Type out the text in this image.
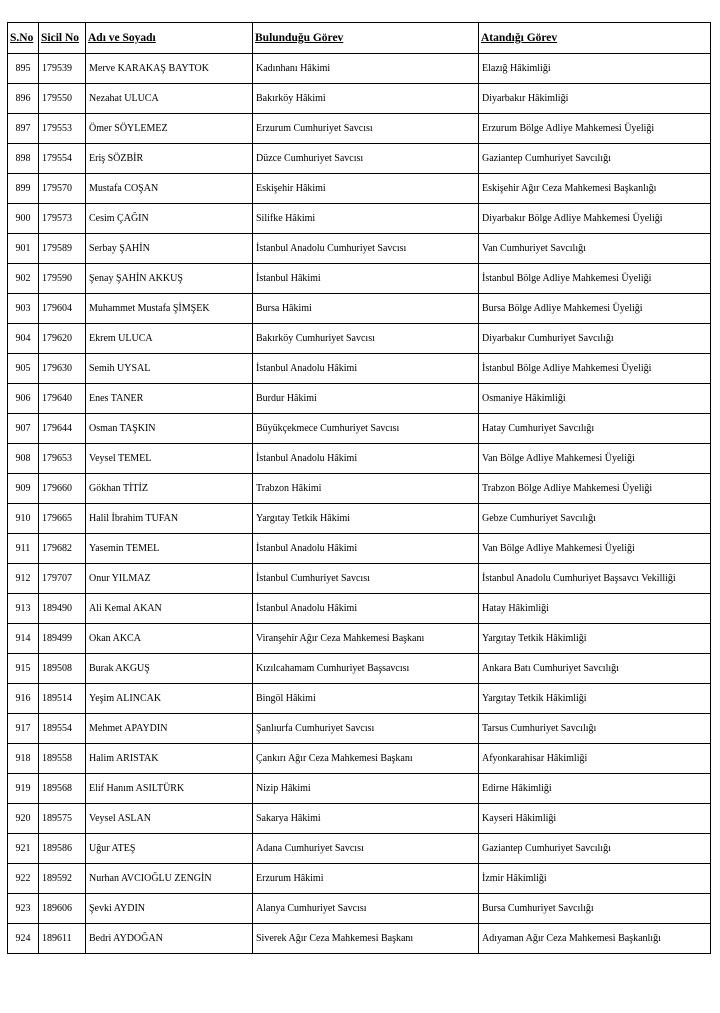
S.No	Sicil No	Adı ve Soyadı	Bulunduğu Görev	Atandığı Görev
895	179539	Merve KARAKAŞ BAYTOK	Kadınhanı Hâkimi	Elazığ Hâkimliği
896	179550	Nezahat ULUCA	Bakırköy Hâkimi	Diyarbakır Hâkimliği
897	179553	Ömer SÖYLEMEZ	Erzurum Cumhuriyet Savcısı	Erzurum Bölge Adliye Mahkemesi Üyeliği
898	179554	Eriş SÖZBİR	Düzce Cumhuriyet Savcısı	Gaziantep Cumhuriyet Savcılığı
899	179570	Mustafa COŞAN	Eskişehir Hâkimi	Eskişehir Ağır Ceza Mahkemesi Başkanlığı
900	179573	Cesim ÇAĞIN	Silifke Hâkimi	Diyarbakır Bölge Adliye Mahkemesi Üyeliği
901	179589	Serbay ŞAHİN	İstanbul Anadolu Cumhuriyet Savcısı	Van Cumhuriyet Savcılığı
902	179590	Şenay ŞAHİN AKKUŞ	İstanbul Hâkimi	İstanbul Bölge Adliye Mahkemesi Üyeliği
903	179604	Muhammet Mustafa ŞİMŞEK	Bursa Hâkimi	Bursa Bölge Adliye Mahkemesi Üyeliği
904	179620	Ekrem ULUCA	Bakırköy Cumhuriyet Savcısı	Diyarbakır Cumhuriyet Savcılığı
905	179630	Semih UYSAL	İstanbul Anadolu Hâkimi	İstanbul Bölge Adliye Mahkemesi Üyeliği
906	179640	Enes TANER	Burdur Hâkimi	Osmaniye Hâkimliği
907	179644	Osman TAŞKIN	Büyükçekmece Cumhuriyet Savcısı	Hatay Cumhuriyet Savcılığı
908	179653	Veysel TEMEL	İstanbul Anadolu Hâkimi	Van Bölge Adliye Mahkemesi Üyeliği
909	179660	Gökhan TİTİZ	Trabzon Hâkimi	Trabzon Bölge Adliye Mahkemesi Üyeliği
910	179665	Halil İbrahim TUFAN	Yargıtay Tetkik Hâkimi	Gebze Cumhuriyet Savcılığı
911	179682	Yasemin TEMEL	İstanbul Anadolu Hâkimi	Van Bölge Adliye Mahkemesi Üyeliği
912	179707	Onur YILMAZ	İstanbul Cumhuriyet Savcısı	İstanbul Anadolu Cumhuriyet Başsavcı Vekilliği
913	189490	Ali Kemal AKAN	İstanbul Anadolu Hâkimi	Hatay Hâkimliği
914	189499	Okan AKCA	Viranşehir Ağır Ceza Mahkemesi Başkanı	Yargıtay Tetkik Hâkimliği
915	189508	Burak AKGUŞ	Kızılcahamam Cumhuriyet Başsavcısı	Ankara Batı Cumhuriyet Savcılığı
916	189514	Yeşim ALINCAK	Bingöl Hâkimi	Yargıtay Tetkik Hâkimliği
917	189554	Mehmet APAYDIN	Şanlıurfa Cumhuriyet Savcısı	Tarsus Cumhuriyet Savcılığı
918	189558	Halim ARISTAK	Çankırı Ağır Ceza Mahkemesi Başkanı	Afyonkarahisar Hâkimliği
919	189568	Elif Hanım ASILTÜRK	Nizip Hâkimi	Edirne Hâkimliği
920	189575	Veysel ASLAN	Sakarya Hâkimi	Kayseri Hâkimliği
921	189586	Uğur ATEŞ	Adana Cumhuriyet Savcısı	Gaziantep Cumhuriyet Savcılığı
922	189592	Nurhan AVCIOĞLU ZENGİN	Erzurum Hâkimi	İzmir Hâkimliği
923	189606	Şevki AYDIN	Alanya Cumhuriyet Savcısı	Bursa Cumhuriyet Savcılığı
924	189611	Bedri AYDOĞAN	Siverek Ağır Ceza Mahkemesi Başkanı	Adıyaman Ağır Ceza Mahkemesi Başkanlığı
